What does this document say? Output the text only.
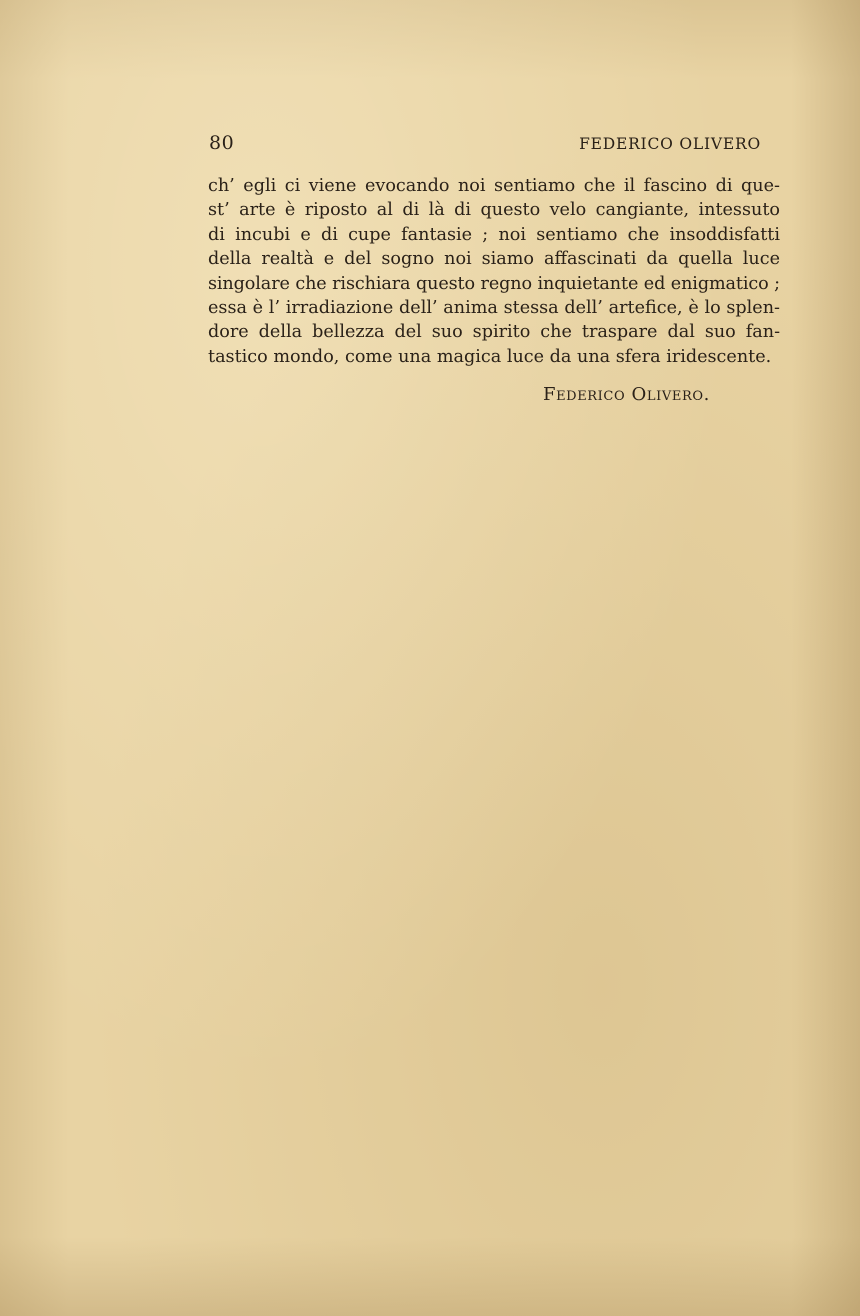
80	FEDERICO OLIVERO
ch’ egli ci viene evocando noi sentiamo che il fascino di que-
st’ arte è riposto al di là di questo velo cangiante, intessuto
di incubi e di cupe fantasie ; noi sentiamo che insoddisfatti
della realtà e del sogno noi siamo affascinati da quella luce
singolare che rischiara questo regno inquietante ed enigmatico ;
essa è l’ irradiazione dell’ anima stessa dell’ artefice, è lo splen-
dore della bellezza del suo spirito che traspare dal suo fan-
tastico mondo, come una magica luce da una sfera iridescente.
Federico Olivero.
